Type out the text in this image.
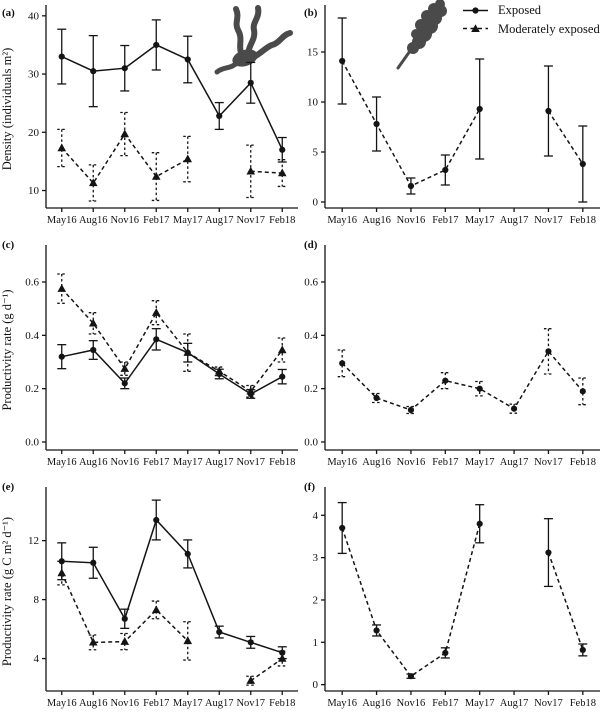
10
20
30
40
May16 Aug16 Nov16 Feb17 May17 Aug17 Nov17 Feb18
Density (individuals m²)
(a)
0
5
10
15
May16 Aug16 Nov16 Feb17 May17 Aug17 Nov17 Feb18
(b)
0.0
0.2
0.4
0.6
May16 Aug16 Nov16 Feb17 May17 Aug17 Nov17 Feb18
Productivity rate (g d⁻¹)
(c)
0.0
0.2
0.4
0.6
May16 Aug16 Nov16 Feb17 May17 Aug17 Nov17 Feb18
(d)
4
8
12
May16 Aug16 Nov16 Feb17 May17 Aug17 Nov17 Feb18
Productivity rate (g C m² d⁻¹)
(e)
0
1
2
3
4
May16 Aug16 Nov16 Feb17 May17 Aug17 Nov17 Feb18
(f)
Exposed
Moderately exposed
